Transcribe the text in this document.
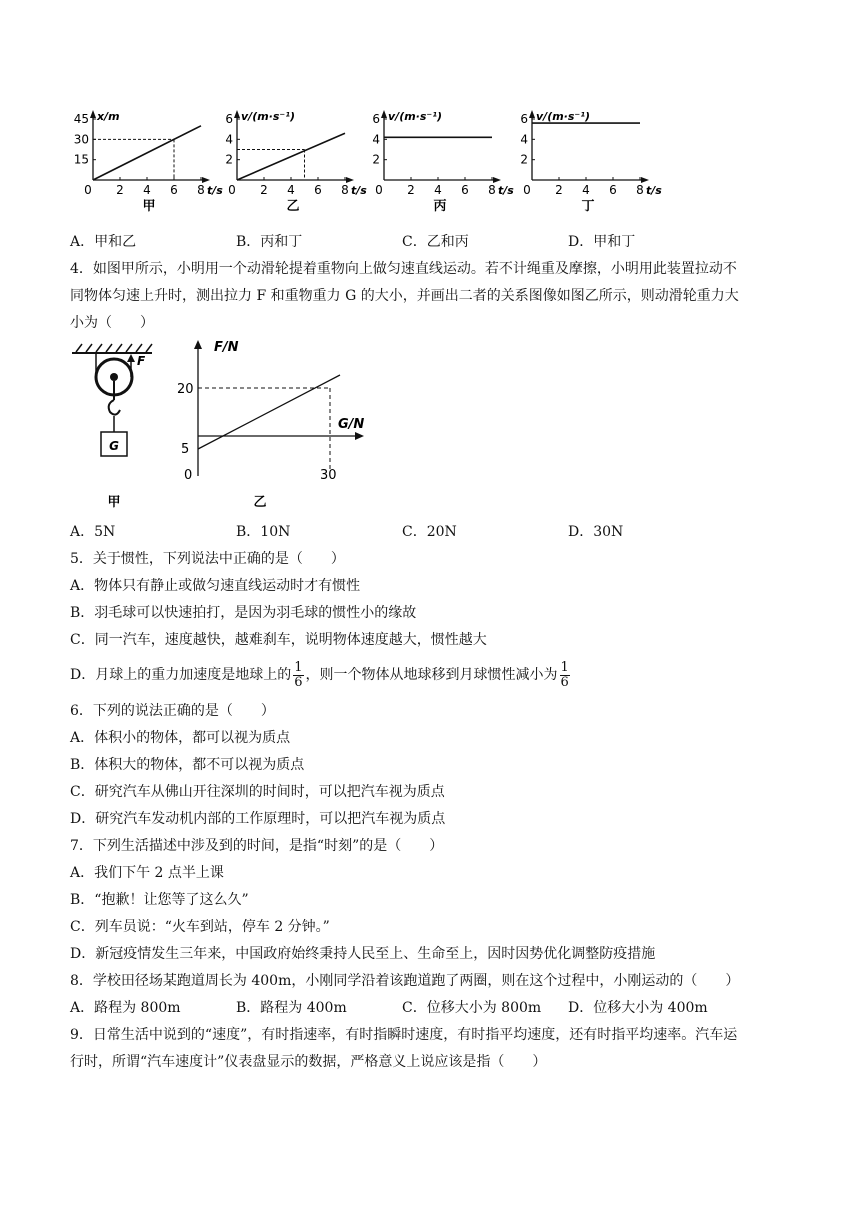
x/m
45
30
15
0 2 4 6 8 t/s
甲
v/(m·s⁻¹)
6
4
2
0 2 4 6 8 t/s
乙
v/(m·s⁻¹)
6
4
2
0 2 4 6 8 t/s
丙
v/(m·s⁻¹)
6
4
2
0 2 4 6 8 t/s
丁
A．甲和乙	B．丙和丁	C．乙和丙	D．甲和丁
4．如图甲所示，小明用一个动滑轮提着重物向上做匀速直线运动。若不计绳重及摩擦，小明用此装置拉动不
同物体匀速上升时，测出拉力 F 和重物重力 G 的大小，并画出二者的关系图像如图乙所示，则动滑轮重力大
小为（　　）
F
G
甲
F/N
G/N
20
5
0	30
乙
A．5N	B．10N	C．20N	D．30N
5．关于惯性，下列说法中正确的是（　　）
A．物体只有静止或做匀速直线运动时才有惯性
B．羽毛球可以快速拍打，是因为羽毛球的惯性小的缘故
C．同一汽车，速度越快，越难刹车，说明物体速度越大，惯性越大
D．月球上的重力加速度是地球上的 $\frac{1}{6}$ ，则一个物体从地球移到月球惯性减小为 $\frac{1}{6}$
6．下列的说法正确的是（　　）
A．体积小的物体，都可以视为质点
B．体积大的物体，都不可以视为质点
C．研究汽车从佛山开往深圳的时间时，可以把汽车视为质点
D．研究汽车发动机内部的工作原理时，可以把汽车视为质点
7．下列生活描述中涉及到的时间，是指“时刻”的是（　　）
A．我们下午 2 点半上课
B．“抱歉！让您等了这么久”
C．列车员说：“火车到站，停车 2 分钟。”
D．新冠疫情发生三年来，中国政府始终秉持人民至上、生命至上，因时因势优化调整防疫措施
8．学校田径场某跑道周长为 400m，小刚同学沿着该跑道跑了两圈，则在这个过程中，小刚运动的（　　）
A．路程为 800m	B．路程为 400m	C．位移大小为 800m D．位移大小为 400m
9．日常生活中说到的“速度”，有时指速率，有时指瞬时速度，有时指平均速度，还有时指平均速率。汽车运
行时，所谓“汽车速度计”仪表盘显示的数据，严格意义上说应该是指（　　）
